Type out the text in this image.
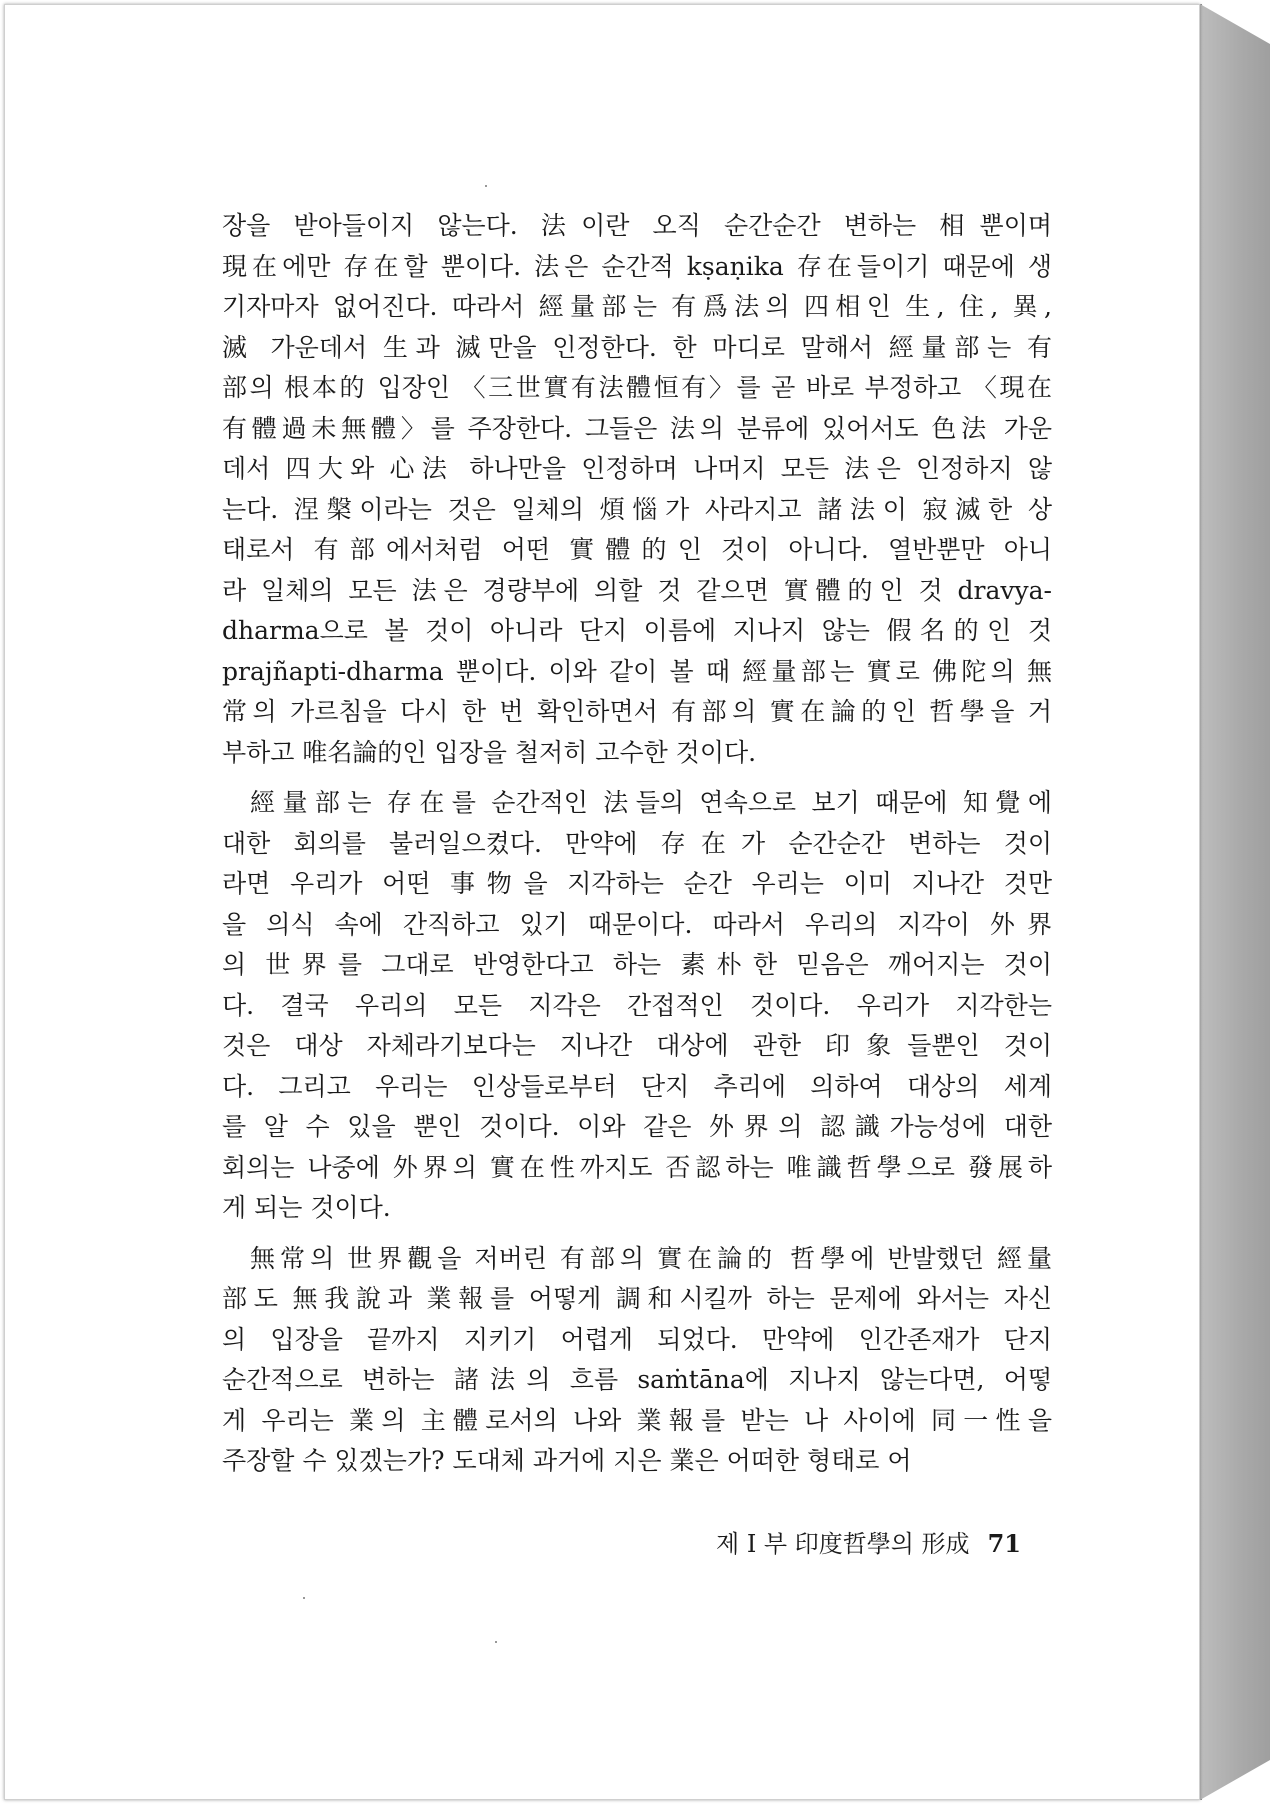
장을 받아들이지 않는다. 法이란 오직 순간순간 변하는 相뿐이며
現在에만 存在할 뿐이다. 法은 순간적 kṣaṇika 存在들이기 때문에 생
기자마자 없어진다. 따라서 經量部는 有爲法의 四相인 生, 住, 異,
滅 가운데서 生과 滅만을 인정한다. 한 마디로 말해서 經量部는 有
部의 根本的 입장인 〈三世實有法體恒有〉를 곧 바로 부정하고 〈現在
有體過未無體〉를 주장한다. 그들은 法의 분류에 있어서도 色法 가운
데서 四大와 心法 하나만을 인정하며 나머지 모든 法은 인정하지 않
는다. 涅槃이라는 것은 일체의 煩惱가 사라지고 諸法이 寂滅한 상
태로서 有部에서처럼 어떤 實體的인 것이 아니다. 열반뿐만 아니
라 일체의 모든 法은 경량부에 의할 것 같으면 實體的인 것 dravya-
dharma으로 볼 것이 아니라 단지 이름에 지나지 않는 假名的인 것
prajñapti-dharma 뿐이다. 이와 같이 볼 때 經量部는 實로 佛陀의 無
常의 가르침을 다시 한 번 확인하면서 有部의 實在論的인 哲學을 거
부하고 唯名論的인 입장을 철저히 고수한 것이다.
經量部는 存在를 순간적인 法들의 연속으로 보기 때문에 知覺에
대한 회의를 불러일으켰다. 만약에 存在가 순간순간 변하는 것이
라면 우리가 어떤 事物을 지각하는 순간 우리는 이미 지나간 것만
을 의식 속에 간직하고 있기 때문이다. 따라서 우리의 지각이 外界
의 世界를 그대로 반영한다고 하는 素朴한 믿음은 깨어지는 것이
다. 결국 우리의 모든 지각은 간접적인 것이다. 우리가 지각한는
것은 대상 자체라기보다는 지나간 대상에 관한 印象들뿐인 것이
다. 그리고 우리는 인상들로부터 단지 추리에 의하여 대상의 세계
를 알 수 있을 뿐인 것이다. 이와 같은 外界의 認識가능성에 대한
회의는 나중에 外界의 實在性까지도 否認하는 唯識哲學으로 發展하
게 되는 것이다.
無常의 世界觀을 저버린 有部의 實在論的 哲學에 반발했던 經量
部도 無我說과 業報를 어떻게 調和시킬까 하는 문제에 와서는 자신
의 입장을 끝까지 지키기 어렵게 되었다. 만약에 인간존재가 단지
순간적으로 변하는 諸法의 흐름 saṁtāna에 지나지 않는다면, 어떻
게 우리는 業의 主體로서의 나와 業報를 받는 나 사이에 同一性을
주장할 수 있겠는가? 도대체 과거에 지은 業은 어떠한 형태로 어
제 I 부 印度哲學의 形成 71
